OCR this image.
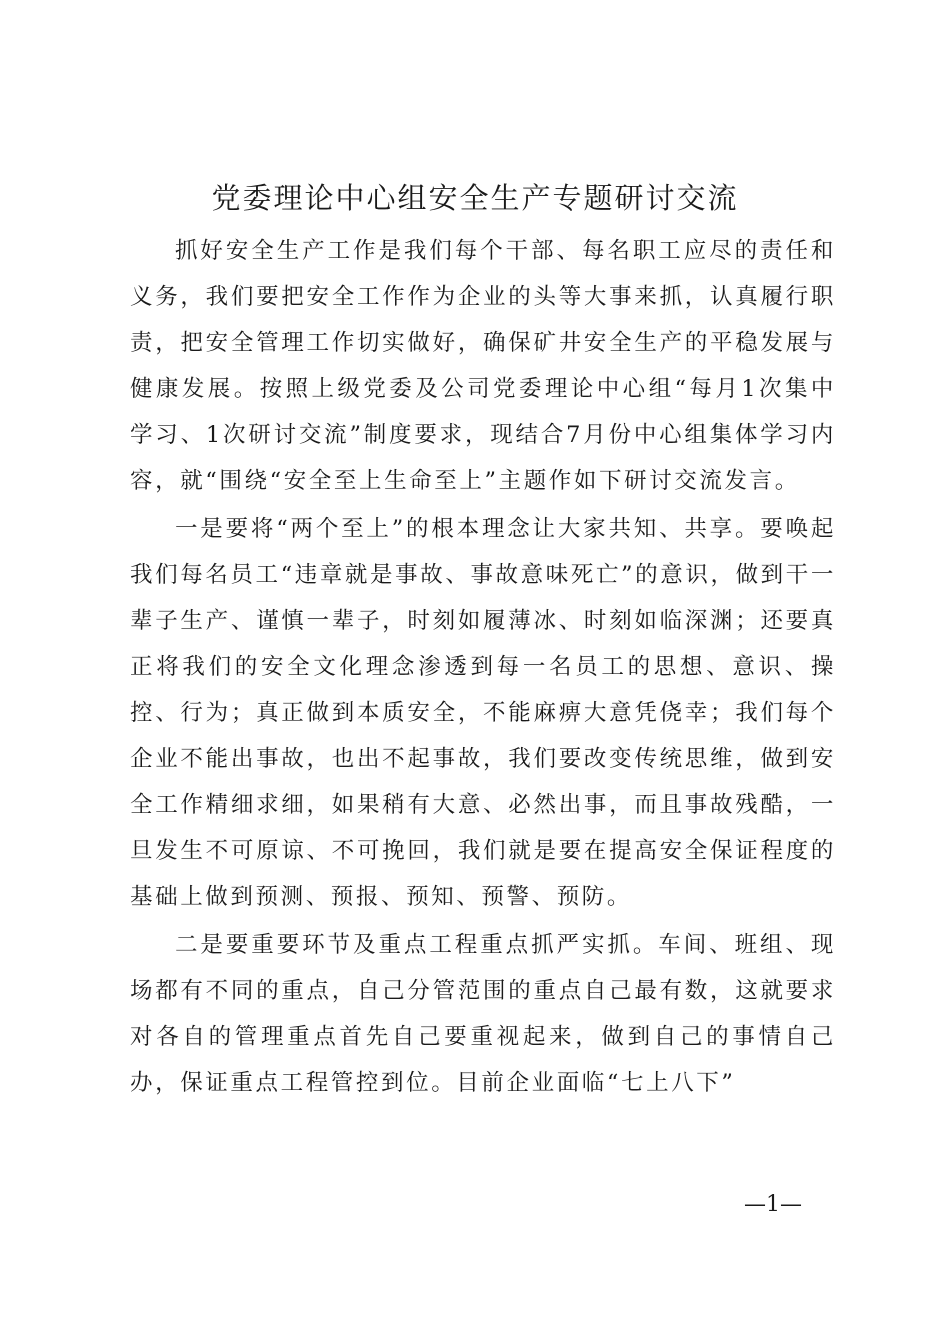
党委理论中心组安全生产专题研讨交流

抓好安全生产工作是我们每个干部、每名职工应尽的责任和义务，我们要把安全工作作为企业的头等大事来抓，认真履行职责，把安全管理工作切实做好，确保矿井安全生产的平稳发展与健康发展。按照上级党委及公司党委理论中心组“每月1次集中学习、1次研讨交流”制度要求，现结合7月份中心组集体学习内容，就“围绕“安全至上生命至上”主题作如下研讨交流发言。

一是要将“两个至上”的根本理念让大家共知、共享。要唤起我们每名员工“违章就是事故、事故意味死亡”的意识，做到干一辈子生产、谨慎一辈子，时刻如履薄冰、时刻如临深渊；还要真正将我们的安全文化理念渗透到每一名员工的思想、意识、操控、行为；真正做到本质安全，不能麻痹大意凭侥幸；我们每个企业不能出事故，也出不起事故，我们要改变传统思维，做到安全工作精细求细，如果稍有大意、必然出事，而且事故残酷，一旦发生不可原谅、不可挽回，我们就是要在提高安全保证程度的基础上做到预测、预报、预知、预警、预防。

二是要重要环节及重点工程重点抓严实抓。车间、班组、现场都有不同的重点，自己分管范围的重点自己最有数，这就要求对各自的管理重点首先自己要重视起来，做到自己的事情自己办，保证重点工程管控到位。目前企业面临“七上八下”

—1—
